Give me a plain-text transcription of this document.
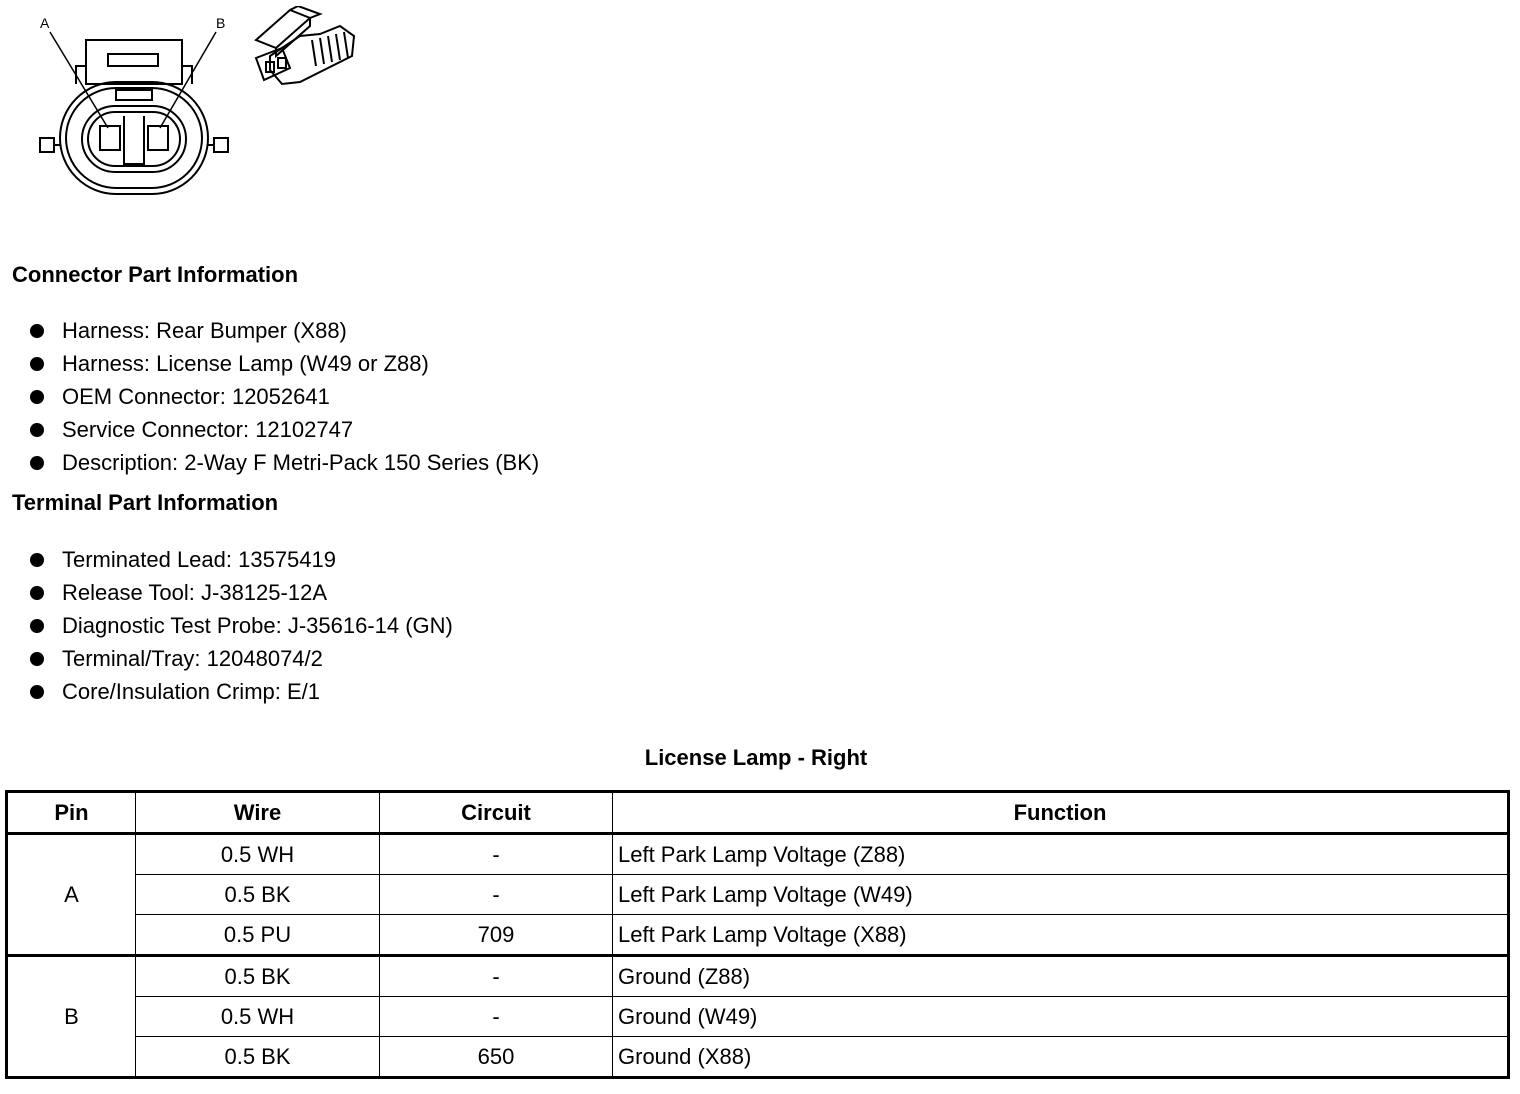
A	B
Connector Part Information
Harness: Rear Bumper (X88)
Harness: License Lamp (W49 or Z88)
OEM Connector: 12052641
Service Connector: 12102747
Description: 2-Way F Metri-Pack 150 Series (BK)
Terminal Part Information
Terminated Lead: 13575419
Release Tool: J-38125-12A
Diagnostic Test Probe: J-35616-14 (GN)
Terminal/Tray: 12048074/2
Core/Insulation Crimp: E/1
License Lamp - Right
Pin	Wire	Circuit	Function
A	0.5 WH	-	Left Park Lamp Voltage (Z88)
	0.5 BK	-	Left Park Lamp Voltage (W49)
	0.5 PU	709	Left Park Lamp Voltage (X88)
B	0.5 BK	-	Ground (Z88)
	0.5 WH	-	Ground (W49)
	0.5 BK	650	Ground (X88)
